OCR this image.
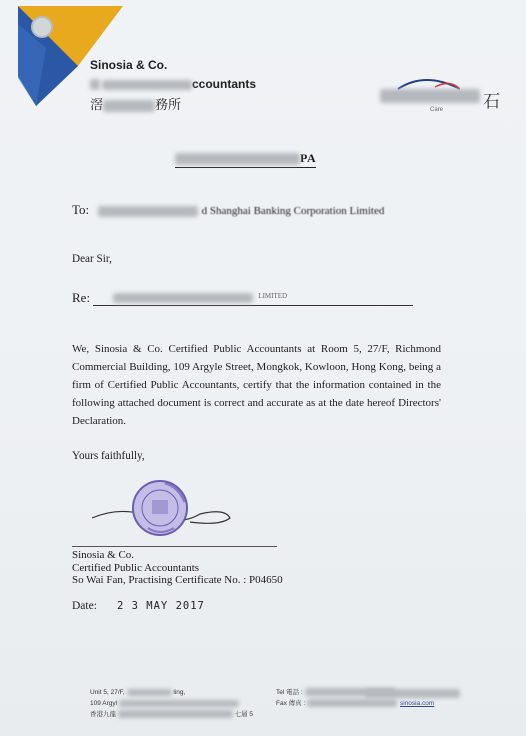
Sinosia & Co.
ccountants
滘	務所	石
Care
PA
To:	d Shanghai Banking Corporation Limited
Dear Sir,
Re:	LIMITED
We, Sinosia & Co. Certified Public Accountants at Room 5, 27/F, Richmond Commercial Building, 109 Argyle Street, Mongkok, Kowloon, Hong Kong, being a firm of Certified Public Accountants, certify that the information contained in the following attached document is correct and accurate as at the date hereof Directors' Declaration.
Yours faithfully,
Sinosia & Co.
Certified Public Accountants
So Wai Fan, Practising Certificate No. : P04650
Date: 2 3 MAY 2017
Unit 5, 27/F,	ling,
109 Argyl
香港九龍	七層 5
Tel 電話 :
Fax 傳真 :	sinosia.com
